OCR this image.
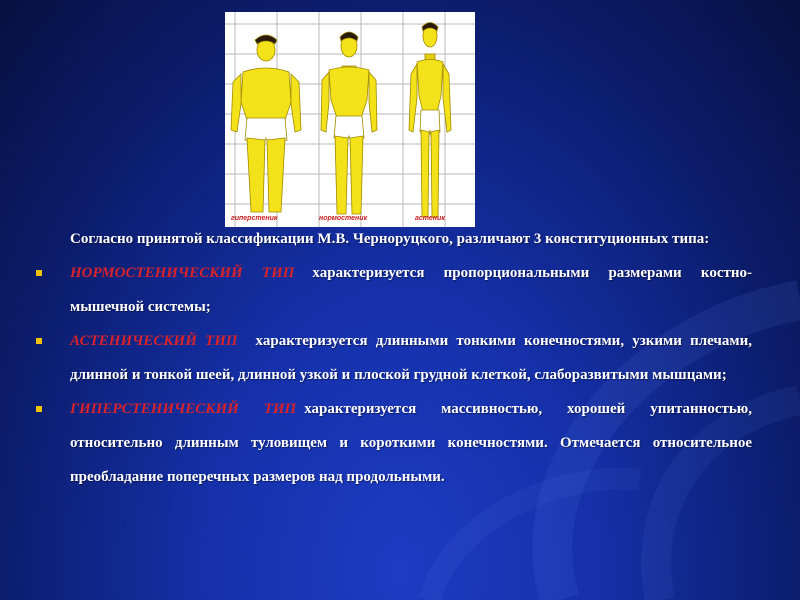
гиперстеник	нормостеник	астеник

Согласно принятой классификации М.В. Черноруцкого, различают 3 конституционных типа:

НОРМОСТЕНИЧЕСКИЙ ТИП характеризуется пропорциональными размерами костно-мышечной системы;

АСТЕНИЧЕСКИЙ ТИП характеризуется длинными тонкими конечностями, узкими плечами, длинной и тонкой шеей, длинной узкой и плоской грудной клеткой, слаборазвитыми мышцами;

ГИПЕРСТЕНИЧЕСКИЙ ТИП характеризуется массивностью, хорошей упитанностью, относительно длинным туловищем и короткими конечностями. Отмечается относительное преобладание поперечных размеров над продольными.
